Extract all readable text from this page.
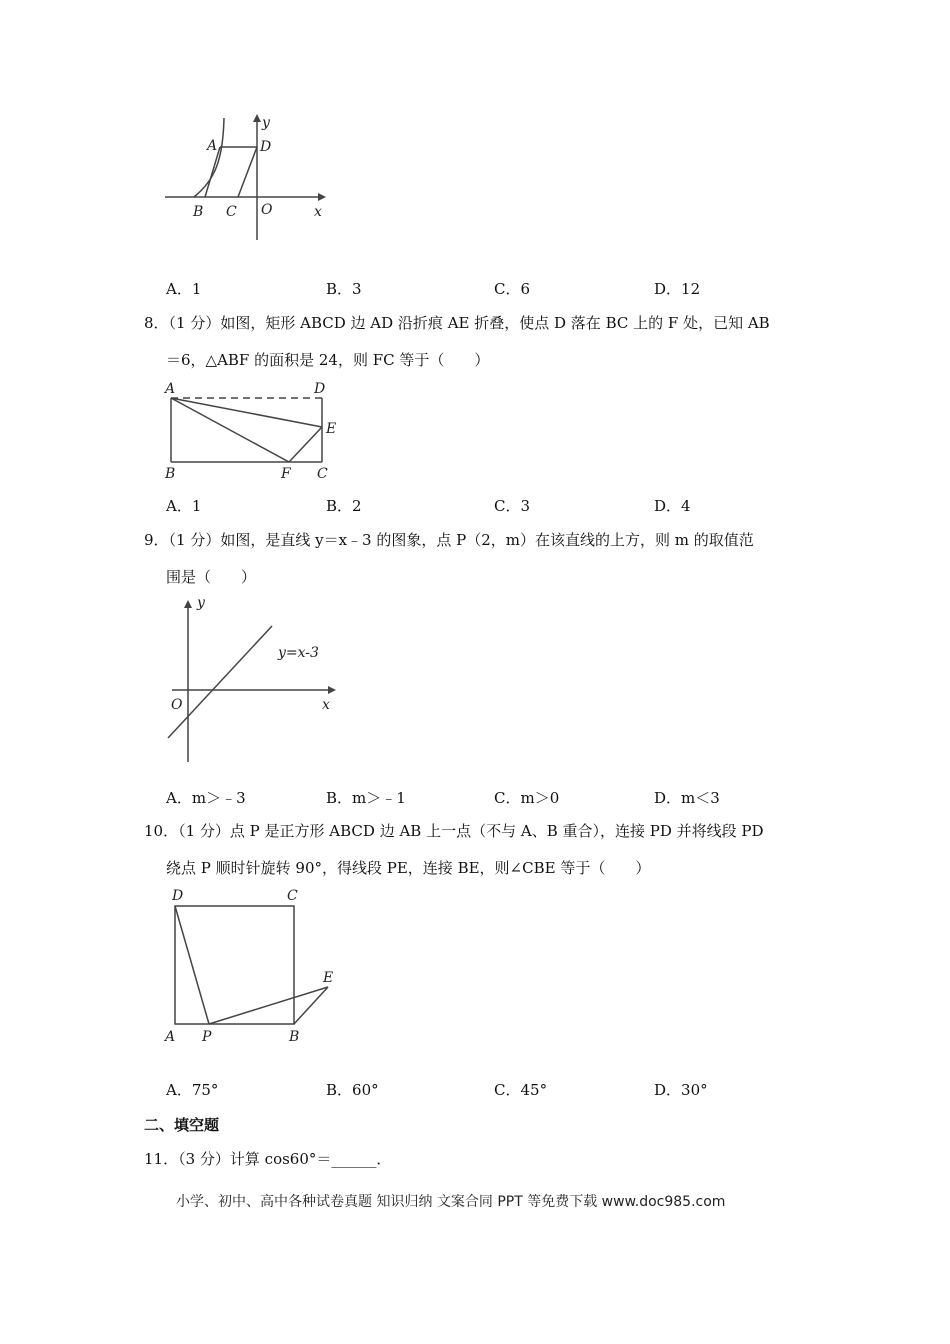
y
A	D
B C O	x
A．1	B．3	C．6	D．12
8．（1 分）如图，矩形 ABCD 边 AD 沿折痕 AE 折叠，使点 D 落在 BC 上的 F 处，已知 AB
＝6，△ABF 的面积是 24，则 FC 等于（　　）
A	D
E
B	F C
A．1	B．2	C．3	D．4
9．（1 分）如图，是直线 y＝x﹣3 的图象，点 P（2，m）在该直线的上方，则 m 的取值范
围是（　　）
y
y=x-3
O	x
A．m＞﹣3	B．m＞﹣1	C．m＞0	D．m＜3
10．（1 分）点 P 是正方形 ABCD 边 AB 上一点（不与 A、B 重合），连接 PD 并将线段 PD
绕点 P 顺时针旋转 90°，得线段 PE，连接 BE，则∠CBE 等于（　　）
D	C
E
A P	B
A．75°	B．60°	C．45°	D．30°
二、填空题
11．（3 分）计算 cos60°＝______．
小学、初中、高中各种试卷真题 知识归纳 文案合同 PPT 等免费下载 www.doc985.com
